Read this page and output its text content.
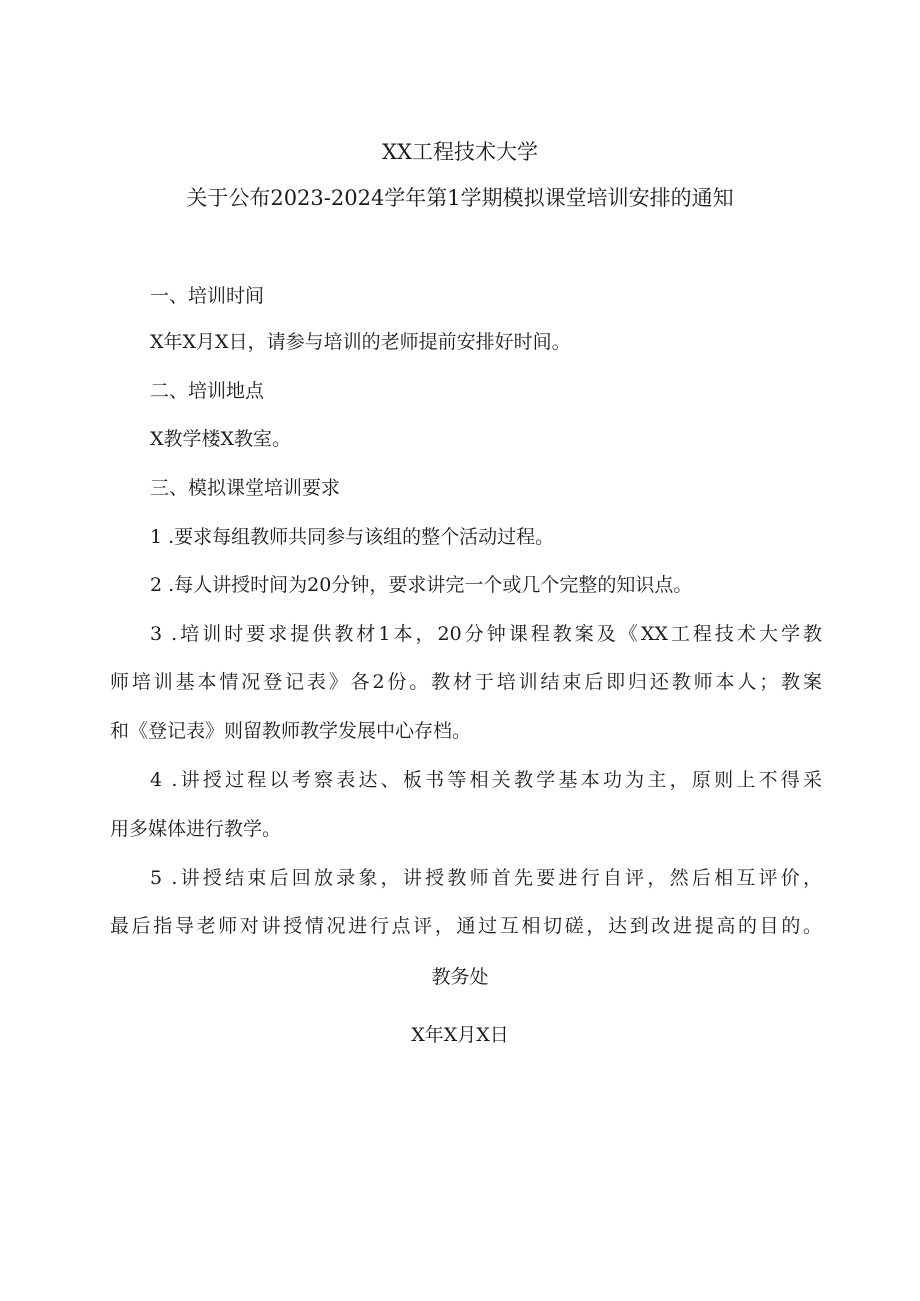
XX工程技术大学
关于公布2023-2024学年第1学期模拟课堂培训安排的通知
一、培训时间
X年X月X日，请参与培训的老师提前安排好时间。
二、培训地点
X教学楼X教室。
三、模拟课堂培训要求
1 .要求每组教师共同参与该组的整个活动过程。
2 .每人讲授时间为20分钟，要求讲完一个或几个完整的知识点。
3 .培训时要求提供教材1本，20分钟课程教案及《XX工程技术大学教
师培训基本情况登记表》各2份。教材于培训结束后即归还教师本人；教案
和《登记表》则留教师教学发展中心存档。
4 .讲授过程以考察表达、板书等相关教学基本功为主，原则上不得采
用多媒体进行教学。
5 .讲授结束后回放录象，讲授教师首先要进行自评，然后相互评价，
最后指导老师对讲授情况进行点评，通过互相切磋，达到改进提高的目的。
教务处
X年X月X日
